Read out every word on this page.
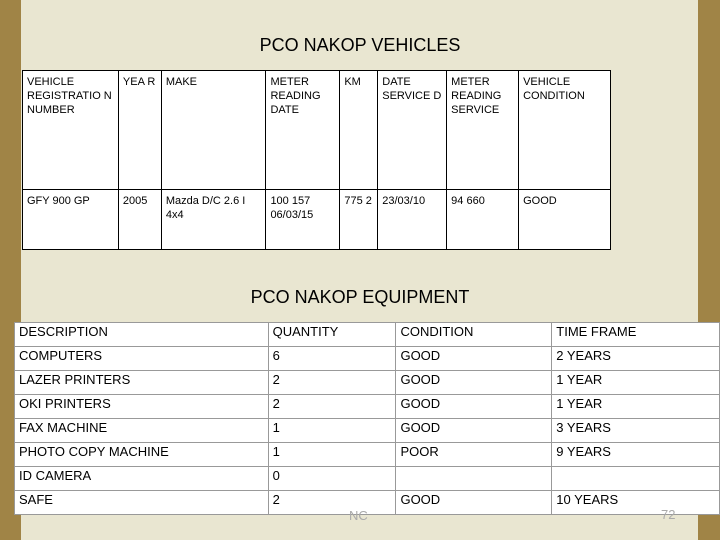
PCO NAKOP VEHICLES
VEHICLE REGISTRATIO N NUMBER	YEA R	MAKE	METER READING DATE	KM	DATE SERVICE D	METER READING SERVICE	VEHICLE CONDITION
GFY 900 GP	2005	Mazda D/C 2.6 I 4x4	100 157 06/03/15	775 2	23/03/10	94 660	GOOD
PCO NAKOP EQUIPMENT
DESCRIPTION	QUANTITY	CONDITION	TIME FRAME
COMPUTERS	6	GOOD	2 YEARS
LAZER PRINTERS	2	GOOD	1 YEAR
OKI PRINTERS	2	GOOD	1 YEAR
FAX MACHINE	1	GOOD	3 YEARS
PHOTO COPY MACHINE	1	POOR	9 YEARS
ID CAMERA	0		
SAFE	2	GOOD	10 YEARS
NC	72
